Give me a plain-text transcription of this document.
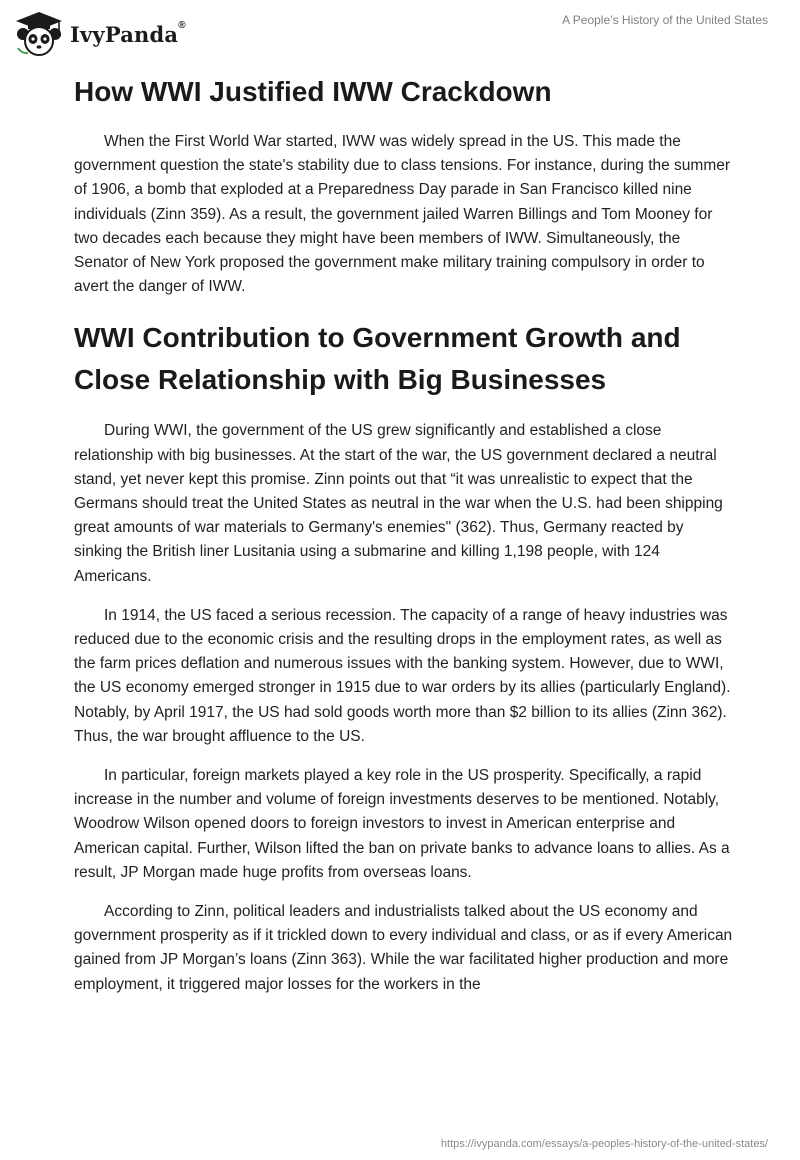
IvyPanda®	A People’s History of the United States
How WWI Justified IWW Crackdown

When the First World War started, IWW was widely spread in the US. This made the government question the state's stability due to class tensions. For instance, during the summer of 1906, a bomb that exploded at a Preparedness Day parade in San Francisco killed nine individuals (Zinn 359). As a result, the government jailed Warren Billings and Tom Mooney for two decades each because they might have been members of IWW. Simultaneously, the Senator of New York proposed the government make military training compulsory in order to avert the danger of IWW.

WWI Contribution to Government Growth and Close Relationship with Big Businesses

During WWI, the government of the US grew significantly and established a close relationship with big businesses. At the start of the war, the US government declared a neutral stand, yet never kept this promise. Zinn points out that “it was unrealistic to expect that the Germans should treat the United States as neutral in the war when the U.S. had been shipping great amounts of war materials to Germany's enemies" (362). Thus, Germany reacted by sinking the British liner Lusitania using a submarine and killing 1,198 people, with 124 Americans.

In 1914, the US faced a serious recession. The capacity of a range of heavy industries was reduced due to the economic crisis and the resulting drops in the employment rates, as well as the farm prices deflation and numerous issues with the banking system. However, due to WWI, the US economy emerged stronger in 1915 due to war orders by its allies (particularly England). Notably, by April 1917, the US had sold goods worth more than $2 billion to its allies (Zinn 362). Thus, the war brought affluence to the US.

In particular, foreign markets played a key role in the US prosperity. Specifically, a rapid increase in the number and volume of foreign investments deserves to be mentioned. Notably, Woodrow Wilson opened doors to foreign investors to invest in American enterprise and American capital. Further, Wilson lifted the ban on private banks to advance loans to allies. As a result, JP Morgan made huge profits from overseas loans.

According to Zinn, political leaders and industrialists talked about the US economy and government prosperity as if it trickled down to every individual and class, or as if every American gained from JP Morgan’s loans (Zinn 363). While the war facilitated higher production and more employment, it triggered major losses for the workers in the

https://ivypanda.com/essays/a-peoples-history-of-the-united-states/
